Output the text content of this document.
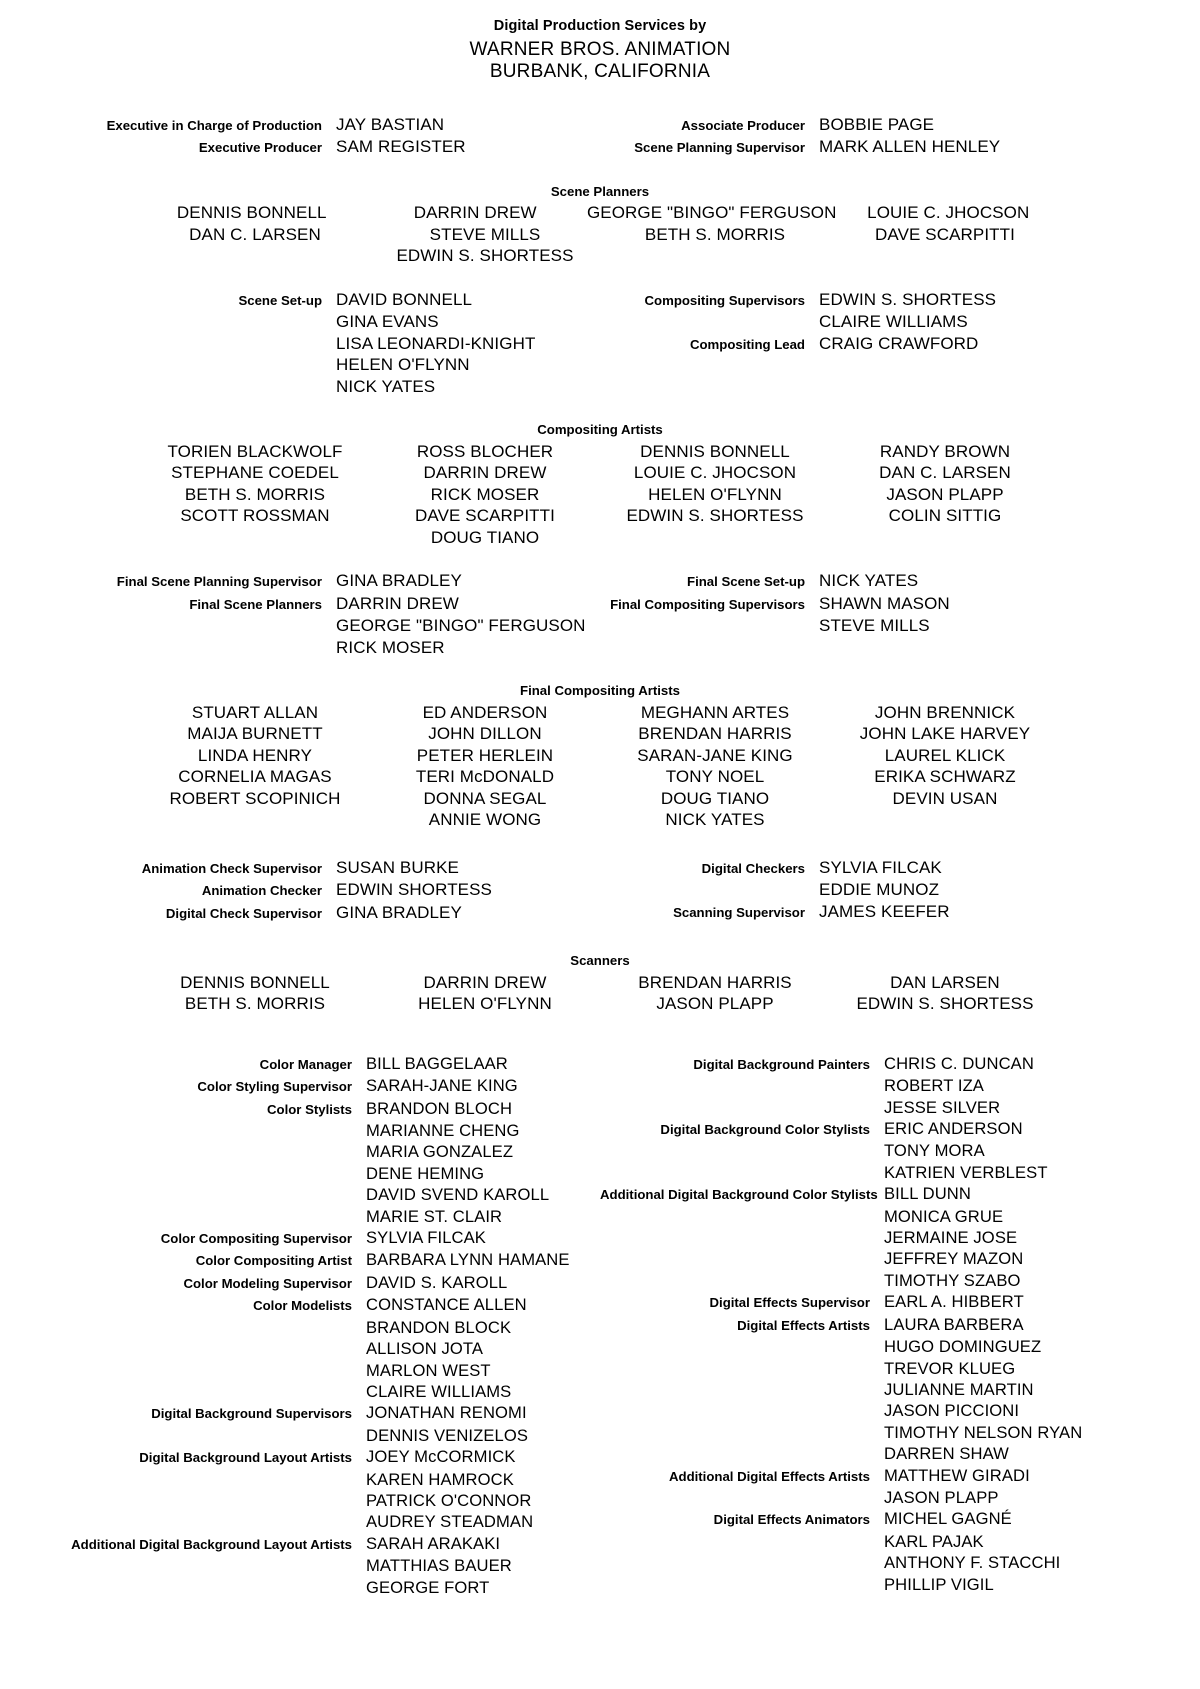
Digital Production Services by
WARNER BROS. ANIMATION
BURBANK, CALIFORNIA
Executive in Charge of Production JAY BASTIAN
Executive Producer SAM REGISTER
Associate Producer BOBBIE PAGE
Scene Planning Supervisor MARK ALLEN HENLEY
Scene Planners
DENNIS BONNELL	DARRIN DREW	GEORGE "BINGO" FERGUSON	LOUIE C. JHOCSON
DAN C. LARSEN	STEVE MILLS	BETH S. MORRIS	DAVE SCARPITTI
EDWIN S. SHORTESS
Scene Set-up DAVID BONNELL
GINA EVANS
LISA LEONARDI-KNIGHT
HELEN O'FLYNN
NICK YATES
Compositing Supervisors EDWIN S. SHORTESS
CLAIRE WILLIAMS
Compositing Lead CRAIG CRAWFORD
Compositing Artists
TORIEN BLACKWOLF	ROSS BLOCHER	DENNIS BONNELL	RANDY BROWN
STEPHANE COEDEL	DARRIN DREW	LOUIE C. JHOCSON	DAN C. LARSEN
BETH S. MORRIS	RICK MOSER	HELEN O'FLYNN	JASON PLAPP
SCOTT ROSSMAN	DAVE SCARPITTI	EDWIN S. SHORTESS	COLIN SITTIG
DOUG TIANO
Final Scene Planning Supervisor GINA BRADLEY
Final Scene Planners DARRIN DREW
GEORGE "BINGO" FERGUSON
RICK MOSER
Final Scene Set-up NICK YATES
Final Compositing Supervisors SHAWN MASON
STEVE MILLS
Final Compositing Artists
STUART ALLAN	ED ANDERSON	MEGHANN ARTES	JOHN BRENNICK
MAIJA BURNETT	JOHN DILLON	BRENDAN HARRIS	JOHN LAKE HARVEY
LINDA HENRY	PETER HERLEIN	SARAN-JANE KING	LAUREL KLICK
CORNELIA MAGAS	TERI McDONALD	TONY NOEL	ERIKA SCHWARZ
ROBERT SCOPINICH	DONNA SEGAL	DOUG TIANO	DEVIN USAN
ANNIE WONG	NICK YATES
Animation Check Supervisor SUSAN BURKE
Animation Checker EDWIN SHORTESS
Digital Check Supervisor GINA BRADLEY
Digital Checkers SYLVIA FILCAK
EDDIE MUNOZ
Scanning Supervisor JAMES KEEFER
Scanners
DENNIS BONNELL	DARRIN DREW	BRENDAN HARRIS	DAN LARSEN
BETH S. MORRIS	HELEN O'FLYNN	JASON PLAPP	EDWIN S. SHORTESS
Color Manager BILL BAGGELAAR
Color Styling Supervisor SARAH-JANE KING
Color Stylists BRANDON BLOCH
MARIANNE CHENG
MARIA GONZALEZ
DENE HEMING
DAVID SVEND KAROLL
MARIE ST. CLAIR
Color Compositing Supervisor SYLVIA FILCAK
Color Compositing Artist BARBARA LYNN HAMANE
Color Modeling Supervisor DAVID S. KAROLL
Color Modelists CONSTANCE ALLEN
BRANDON BLOCK
ALLISON JOTA
MARLON WEST
CLAIRE WILLIAMS
Digital Background Supervisors JONATHAN RENOMI
DENNIS VENIZELOS
Digital Background Layout Artists JOEY McCORMICK
KAREN HAMROCK
PATRICK O'CONNOR
AUDREY STEADMAN
Additional Digital Background Layout Artists SARAH ARAKAKI
MATTHIAS BAUER
GEORGE FORT
Digital Background Painters CHRIS C. DUNCAN
ROBERT IZA
JESSE SILVER
Digital Background Color Stylists ERIC ANDERSON
TONY MORA
KATRIEN VERBLEST
Additional Digital Background Color Stylists BILL DUNN
MONICA GRUE
JERMAINE JOSE
JEFFREY MAZON
TIMOTHY SZABO
Digital Effects Supervisor EARL A. HIBBERT
Digital Effects Artists LAURA BARBERA
HUGO DOMINGUEZ
TREVOR KLUEG
JULIANNE MARTIN
JASON PICCIONI
TIMOTHY NELSON RYAN
DARREN SHAW
Additional Digital Effects Artists MATTHEW GIRADI
JASON PLAPP
Digital Effects Animators MICHEL GAGNÉ
KARL PAJAK
ANTHONY F. STACCHI
PHILLIP VIGIL
